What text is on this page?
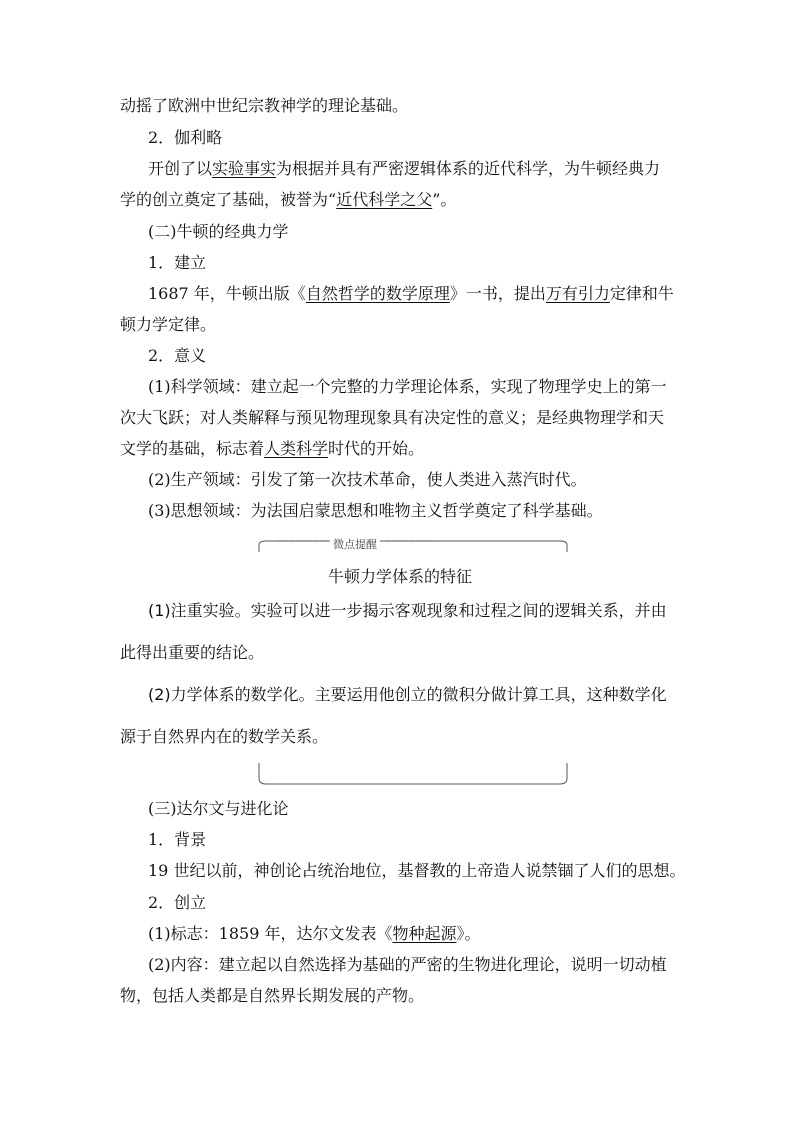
动摇了欧洲中世纪宗教神学的理论基础。
2．伽利略
开创了以实验事实为根据并具有严密逻辑体系的近代科学，为牛顿经典力
学的创立奠定了基础，被誉为“近代科学之父”。
(二)牛顿的经典力学
1．建立
1687 年，牛顿出版《自然哲学的数学原理》一书，提出万有引力定律和牛
顿力学定律。
2．意义
(1)科学领域：建立起一个完整的力学理论体系，实现了物理学史上的第一
次大飞跃；对人类解释与预见物理现象具有决定性的意义；是经典物理学和天
文学的基础，标志着人类科学时代的开始。
(2)生产领域：引发了第一次技术革命，使人类进入蒸汽时代。
(3)思想领域：为法国启蒙思想和唯物主义哲学奠定了科学基础。
微点提醒
牛顿力学体系的特征
(1)注重实验。实验可以进一步揭示客观现象和过程之间的逻辑关系，并由
此得出重要的结论。
(2)力学体系的数学化。主要运用他创立的微积分做计算工具，这种数学化
源于自然界内在的数学关系。
(三)达尔文与进化论
1．背景
19 世纪以前，神创论占统治地位，基督教的上帝造人说禁锢了人们的思想。
2．创立
(1)标志：1859 年，达尔文发表《物种起源》。
(2)内容：建立起以自然选择为基础的严密的生物进化理论，说明一切动植
物，包括人类都是自然界长期发展的产物。
